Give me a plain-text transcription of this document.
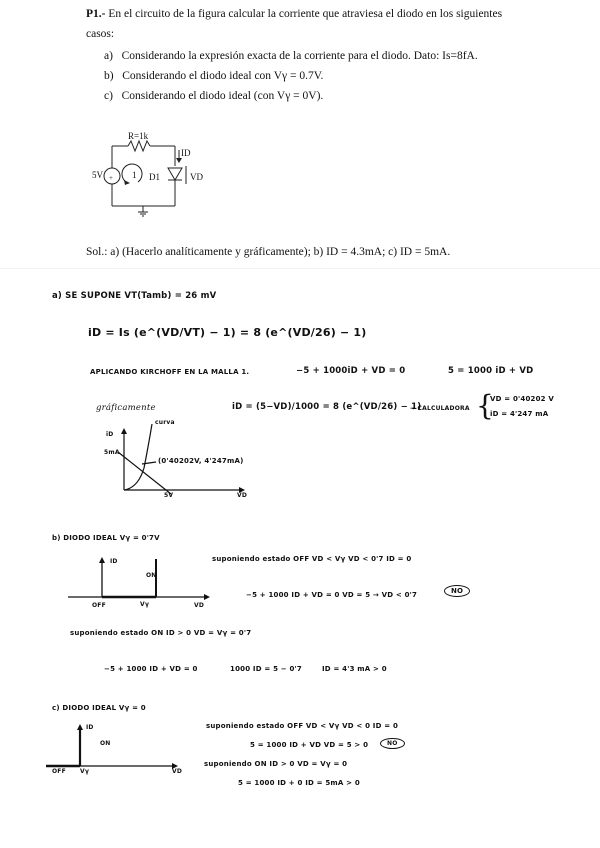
P1.- En el circuito de la figura calcular la corriente que atraviesa el diodo en los siguientes
casos:
a) Considerando la expresión exacta de la corriente para el diodo. Dato: Is=8fA.
b) Considerando el diodo ideal con Vγ = 0.7V.
c) Considerando el diodo ideal (con Vγ = 0V).
+
R=1k
5V	1 D1
ID
VD
Sol.: a) (Hacerlo analíticamente y gráficamente); b) ID = 4.3mA; c) ID = 5mA.
a) SE SUPONE VT(Tamb) = 26 mV
iD = Is (e^(VD/VT) − 1) = 8 (e^(VD/26) − 1)
APLICANDO KIRCHOFF EN LA MALLA 1.	−5 + 1000iD + VD = 0	5 = 1000 iD + VD
gráficamente	iD = (5−VD)/1000 = 8 (e^(VD/26) − 1)
→ CALCULADORA {
VD = 0'40202 V
iD = 4'247 mA
iD
5mA
curva
(0'40202V, 4'247mA)
5V	VD
b) DIODO IDEAL Vγ = 0'7V
ID
ON
OFF	Vγ	VD
suponiendo estado OFF VD < Vγ VD < 0'7 ID = 0
−5 + 1000 ID + VD = 0 VD = 5 → VD < 0'7	NO
suponiendo estado ON ID > 0 VD = Vγ = 0'7
−5 + 1000 ID + VD = 0	1000 ID = 5 − 0'7	ID = 4'3 mA > 0
c) DIODO IDEAL Vγ = 0
ID
ON
OFF Vγ	VD
suponiendo estado OFF VD < Vγ VD < 0 ID = 0
5 = 1000 ID + VD VD = 5 > 0	NO
suponiendo ON ID > 0 VD = Vγ = 0
5 = 1000 ID + 0 ID = 5mA > 0
